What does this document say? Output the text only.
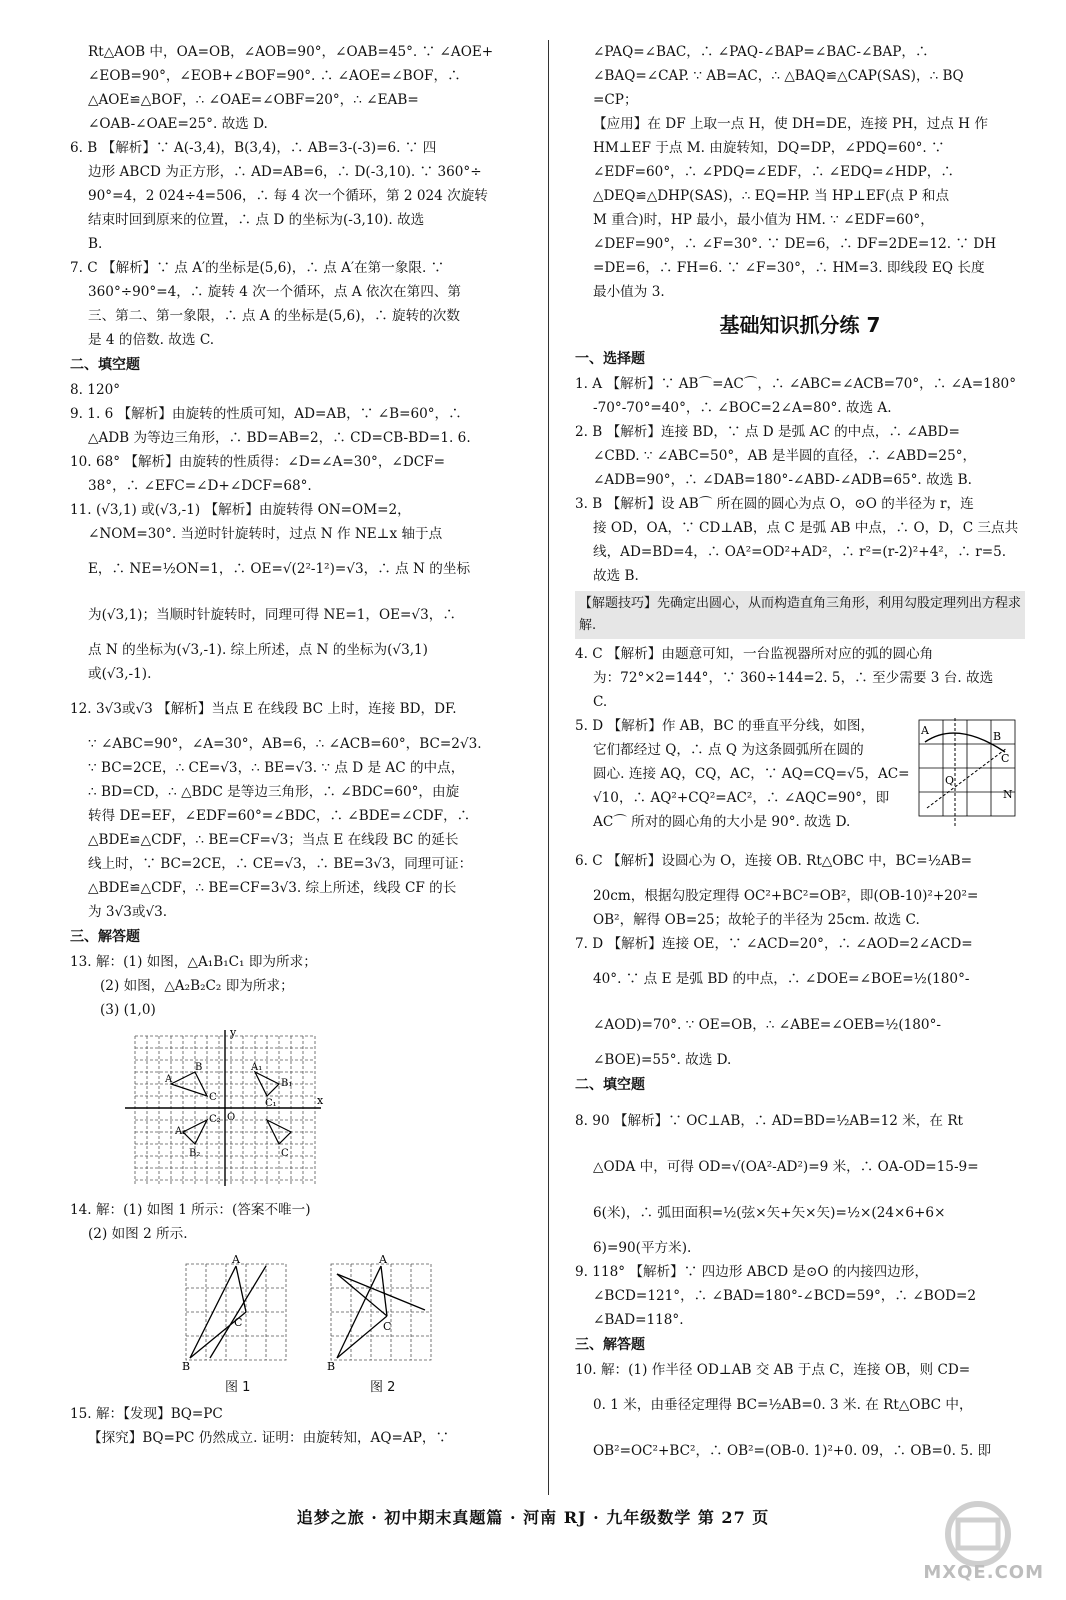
Rt△AOB 中，OA=OB，∠AOB=90°，∠OAB=45°. ∵ ∠AOE+
∠EOB=90°，∠EOB+∠BOF=90°. ∴ ∠AOE=∠BOF，∴
△AOE≌△BOF，∴ ∠OAE=∠OBF=20°，∴ ∠EAB=
∠OAB-∠OAE=25°. 故选 D.
6. B 【解析】∵ A(-3,4)，B(3,4)，∴ AB=3-(-3)=6. ∵ 四
边形 ABCD 为正方形，∴ AD=AB=6，∴ D(-3,10). ∵ 360°÷
90°=4，2 024÷4=506，∴ 每 4 次一个循环，第 2 024 次旋转
结束时回到原来的位置，∴ 点 D 的坐标为(-3,10). 故选
B.
7. C 【解析】∵ 点 A′的坐标是(5,6)，∴ 点 A′在第一象限. ∵
360°÷90°=4，∴ 旋转 4 次一个循环，点 A 依次在第四、第
三、第二、第一象限，∴ 点 A 的坐标是(5,6)，∴ 旋转的次数
是 4 的倍数. 故选 C.
二、填空题
8. 120°
9. 1. 6 【解析】由旋转的性质可知，AD=AB，∵ ∠B=60°，∴
△ADB 为等边三角形，∴ BD=AB=2，∴ CD=CB-BD=1. 6.
10. 68° 【解析】由旋转的性质得：∠D=∠A=30°，∠DCF=
38°，∴ ∠EFC=∠D+∠DCF=68°.
11. (√3,1) 或(√3,-1) 【解析】由旋转得 ON=OM=2，
∠NOM=30°. 当逆时针旋转时，过点 N 作 NE⊥x 轴于点
E，∴ NE=½ON=1，∴ OE=√(2²-1²)=√3，∴ 点 N 的坐标
为(√3,1)；当顺时针旋转时，同理可得 NE=1，OE=√3，∴
点 N 的坐标为(√3,-1). 综上所述，点 N 的坐标为(√3,1)
或(√3,-1).
12. 3√3或√3 【解析】当点 E 在线段 BC 上时，连接 BD，DF.
∵ ∠ABC=90°，∠A=30°，AB=6，∴ ∠ACB=60°，BC=2√3.
∵ BC=2CE，∴ CE=√3，∴ BE=√3. ∵ 点 D 是 AC 的中点，
∴ BD=CD，∴ △BDC 是等边三角形，∴ ∠BDC=60°，由旋
转得 DE=EF，∠EDF=60°=∠BDC，∴ ∠BDE=∠CDF，∴
△BDE≌△CDF，∴ BE=CF=√3；当点 E 在线段 BC 的延长
线上时，∵ BC=2CE，∴ CE=√3，∴ BE=3√3，同理可证：
△BDE≌△CDF，∴ BE=CF=3√3. 综上所述，线段 CF 的长
为 3√3或√3.
三、解答题
13. 解：(1) 如图，△A₁B₁C₁ 即为所求；
(2) 如图，△A₂B₂C₂ 即为所求；
(3) (1,0)
y
x
O
A
C
B	A₁
B₁
C₁
A₂
C₂
B₂	C
14. 解：(1) 如图 1 所示：(答案不唯一)
(2) 如图 2 所示.
A
B
C
图 1
A
B
C
图 2
15. 解：【发现】BQ=PC
【探究】BQ=PC 仍然成立. 证明：由旋转知，AQ=AP，∵
∠PAQ=∠BAC，∴ ∠PAQ-∠BAP=∠BAC-∠BAP，∴
∠BAQ=∠CAP. ∵ AB=AC，∴ △BAQ≌△CAP(SAS)，∴ BQ
=CP；
【应用】在 DF 上取一点 H，使 DH=DE，连接 PH，过点 H 作
HM⊥EF 于点 M. 由旋转知，DQ=DP，∠PDQ=60°. ∵
∠EDF=60°，∴ ∠PDQ=∠EDF，∴ ∠EDQ=∠HDP，∴
△DEQ≌△DHP(SAS)，∴ EQ=HP. 当 HP⊥EF(点 P 和点
M 重合)时，HP 最小，最小值为 HM. ∵ ∠EDF=60°，
∠DEF=90°，∴ ∠F=30°. ∵ DE=6，∴ DF=2DE=12. ∵ DH
=DE=6，∴ FH=6. ∵ ∠F=30°，∴ HM=3. 即线段 EQ 长度
最小值为 3.
基础知识抓分练 7
一、选择题
1. A 【解析】∵ AB⌒=AC⌒，∴ ∠ABC=∠ACB=70°，∴ ∠A=180°
-70°-70°=40°，∴ ∠BOC=2∠A=80°. 故选 A.
2. B 【解析】连接 BD，∵ 点 D 是弧 AC 的中点，∴ ∠ABD=
∠CBD. ∵ ∠ABC=50°，AB 是半圆的直径，∴ ∠ABD=25°，
∠ADB=90°，∴ ∠DAB=180°-∠ABD-∠ADB=65°. 故选 B.
3. B 【解析】设 AB⌒ 所在圆的圆心为点 O，⊙O 的半径为 r，连
接 OD，OA，∵ CD⊥AB，点 C 是弧 AB 中点，∴ O，D，C 三点共
线，AD=BD=4，∴ OA²=OD²+AD²，∴ r²=(r-2)²+4²，∴ r=5.
故选 B.
【解题技巧】先确定出圆心，从而构造直角三角形，利用勾股定理列出方程求解.
4. C 【解析】由题意可知，一台监视器所对应的弧的圆心角
为：72°×2=144°，∵ 360÷144=2. 5，∴ 至少需要 3 台. 故选
C.
5. D 【解析】作 AB，BC 的垂直平分线，如图，
它们都经过 Q，∴ 点 Q 为这条圆弧所在圆的
圆心. 连接 AQ，CQ，AC，∵ AQ=CQ=√5，AC=
√10，∴ AQ²+CQ²=AC²，∴ ∠AQC=90°，即
AC⌒ 所对的圆心角的大小是 90°. 故选 D.
A	B
C
Q
N
6. C 【解析】设圆心为 O，连接 OB. Rt△OBC 中，BC=½AB=
20cm，根据勾股定理得 OC²+BC²=OB²，即(OB-10)²+20²=
OB²，解得 OB=25；故轮子的半径为 25cm. 故选 C.
7. D 【解析】连接 OE，∵ ∠ACD=20°，∴ ∠AOD=2∠ACD=
40°. ∵ 点 E 是弧 BD 的中点，∴ ∠DOE=∠BOE=½(180°-
∠AOD)=70°. ∵ OE=OB，∴ ∠ABE=∠OEB=½(180°-
∠BOE)=55°. 故选 D.
二、填空题
8. 90 【解析】∵ OC⊥AB，∴ AD=BD=½AB=12 米，在 Rt
△ODA 中，可得 OD=√(OA²-AD²)=9 米，∴ OA-OD=15-9=
6(米)，∴ 弧田面积=½(弦×矢+矢×矢)=½×(24×6+6×
6)=90(平方米).
9. 118° 【解析】∵ 四边形 ABCD 是⊙O 的内接四边形，
∠BCD=121°，∴ ∠BAD=180°-∠BCD=59°，∴ ∠BOD=2
∠BAD=118°.
三、解答题
10. 解：(1) 作半径 OD⊥AB 交 AB 于点 C，连接 OB，则 CD=
0. 1 米，由垂径定理得 BC=½AB=0. 3 米. 在 Rt△OBC 中，
OB²=OC²+BC²，∴ OB²=(OB-0. 1)²+0. 09，∴ OB=0. 5. 即
追梦之旅 · 初中期末真题篇 · 河南 RJ · 九年级数学 第 27 页
MXQE.COM
